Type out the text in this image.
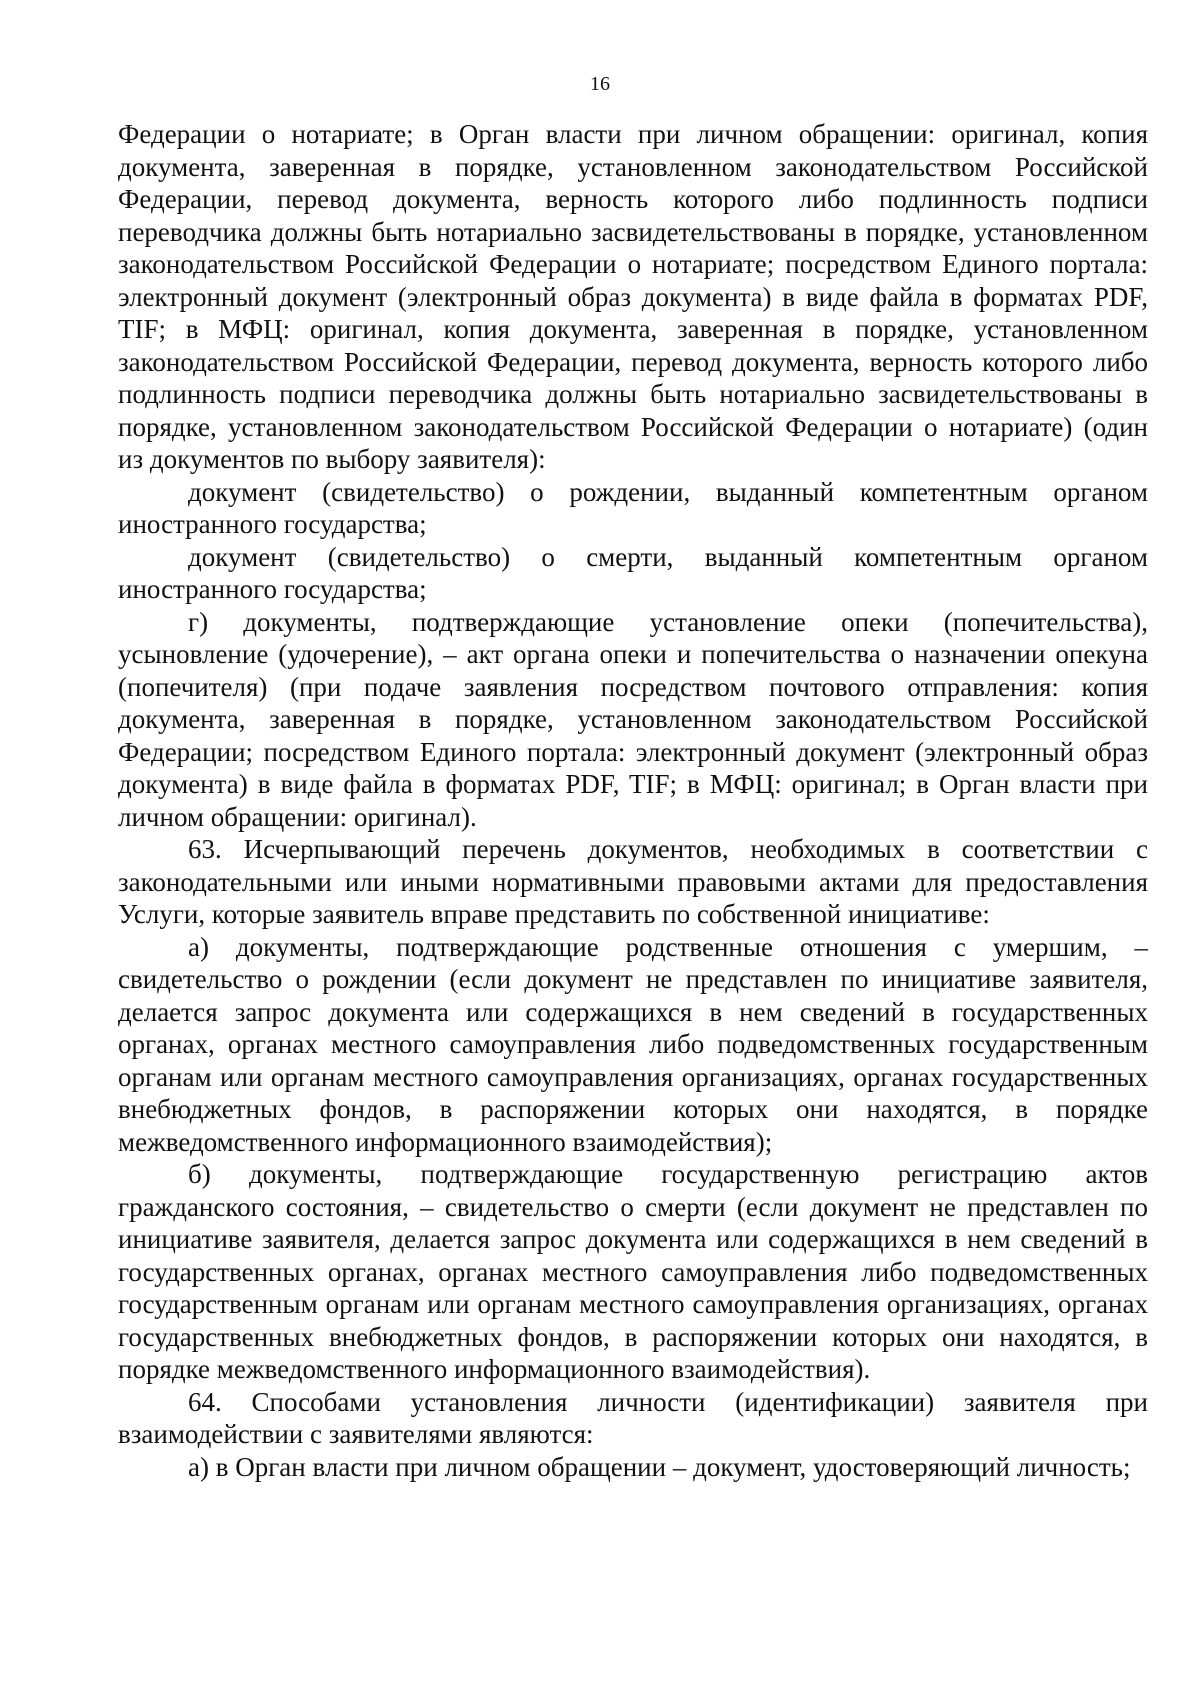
16

Федерации о нотариате; в Орган власти при личном обращении: оригинал, копия документа, заверенная в порядке, установленном законодательством Российской Федерации, перевод документа, верность которого либо подлинность подписи переводчика должны быть нотариально засвидетельствованы в порядке, установленном законодательством Российской Федерации о нотариате; посредством Единого портала: электронный документ (электронный образ документа) в виде файла в форматах PDF, TIF; в МФЦ: оригинал, копия документа, заверенная в порядке, установленном законодательством Российской Федерации, перевод документа, верность которого либо подлинность подписи переводчика должны быть нотариально засвидетельствованы в порядке, установленном законодательством Российской Федерации о нотариате) (один из документов по выбору заявителя):

документ (свидетельство) о рождении, выданный компетентным органом иностранного государства;

документ (свидетельство) о смерти, выданный компетентным органом иностранного государства;

г) документы, подтверждающие установление опеки (попечительства), усыновление (удочерение), – акт органа опеки и попечительства о назначении опекуна (попечителя) (при подаче заявления посредством почтового отправления: копия документа, заверенная в порядке, установленном законодательством Российской Федерации; посредством Единого портала: электронный документ (электронный образ документа) в виде файла в форматах PDF, TIF; в МФЦ: оригинал; в Орган власти при личном обращении: оригинал).

63. Исчерпывающий перечень документов, необходимых в соответствии с законодательными или иными нормативными правовыми актами для предоставления Услуги, которые заявитель вправе представить по собственной инициативе:

а) документы, подтверждающие родственные отношения с умершим, – свидетельство о рождении (если документ не представлен по инициативе заявителя, делается запрос документа или содержащихся в нем сведений в государственных органах, органах местного самоуправления либо подведомственных государственным органам или органам местного самоуправления организациях, органах государственных внебюджетных фондов, в распоряжении которых они находятся, в порядке межведомственного информационного взаимодействия);

б) документы, подтверждающие государственную регистрацию актов гражданского состояния, – свидетельство о смерти (если документ не представлен по инициативе заявителя, делается запрос документа или содержащихся в нем сведений в государственных органах, органах местного самоуправления либо подведомственных государственным органам или органам местного самоуправления организациях, органах государственных внебюджетных фондов, в распоряжении которых они находятся, в порядке межведомственного информационного взаимодействия).

64. Способами установления личности (идентификации) заявителя при взаимодействии с заявителями являются:

а) в Орган власти при личном обращении – документ, удостоверяющий личность;
